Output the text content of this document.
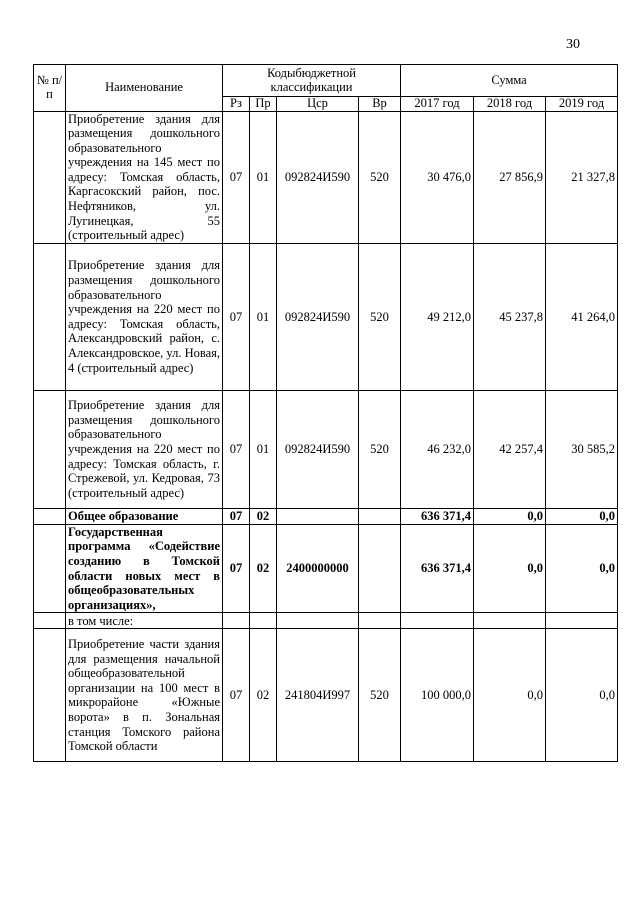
30
№ п/п	Наименование	Кодыбюджетной классификации				Сумма		
		Рз	Пр	Цср	Вр	2017 год	2018 год	2019 год
	Приобретение здания для размещения дошкольного образовательного учреждения на 145 мест по адресу: Томская область, Каргасокский район, пос. Нефтяников, ул. Лугинецкая, 55 (строительный адрес)	07	01	092824И590	520	30 476,0	27 856,9	21 327,8
	Приобретение здания для размещения дошкольного образовательного учреждения на 220 мест по адресу: Томская область, Александровский район, с. Александровское, ул. Новая, 4 (строительный адрес)	07	01	092824И590	520	49 212,0	45 237,8	41 264,0
	Приобретение здания для размещения дошкольного образовательного учреждения на 220 мест по адресу: Томская область, г. Стрежевой, ул. Кедровая, 73 (строительный адрес)	07	01	092824И590	520	46 232,0	42 257,4	30 585,2
	Общее образование	07	02			636 371,4	0,0	0,0
	Государственная программа «Содействие созданию в Томской области новых мест в общеобразовательных организациях»,	07	02	2400000000		636 371,4	0,0	0,0
	в том числе:							
	Приобретение части здания для размещения начальной общеобразовательной организации на 100 мест в микрорайоне «Южные ворота» в п. Зональная станция Томского района Томской области	07	02	241804И997	520	100 000,0	0,0	0,0
